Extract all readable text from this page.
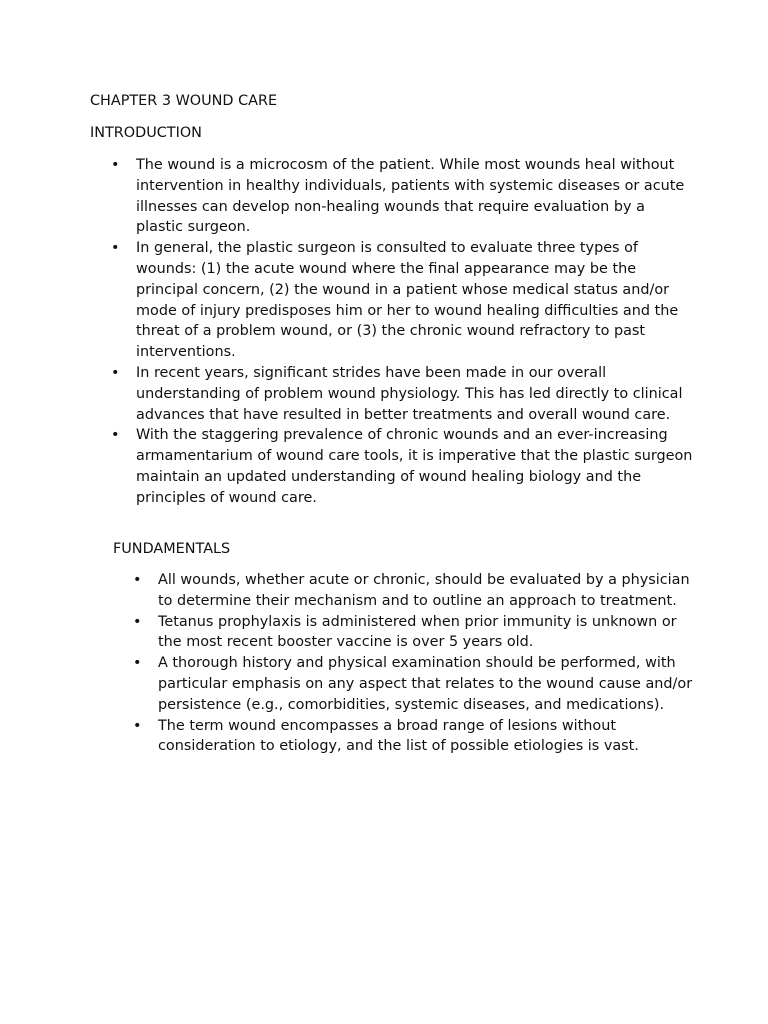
CHAPTER 3 WOUND CARE
INTRODUCTION
• The wound is a microcosm of the patient. While most wounds heal without intervention in healthy individuals, patients with systemic diseases or acute illnesses can develop non-healing wounds that require evaluation by a plastic surgeon.
• In general, the plastic surgeon is consulted to evaluate three types of wounds: (1) the acute wound where the final appearance may be the principal concern, (2) the wound in a patient whose medical status and/or mode of injury predisposes him or her to wound healing difficulties and the threat of a problem wound, or (3) the chronic wound refractory to past interventions.
• In recent years, significant strides have been made in our overall understanding of problem wound physiology. This has led directly to clinical advances that have resulted in better treatments and overall wound care.
• With the staggering prevalence of chronic wounds and an ever-increasing armamentarium of wound care tools, it is imperative that the plastic surgeon maintain an updated understanding of wound healing biology and the principles of wound care.
FUNDAMENTALS
• All wounds, whether acute or chronic, should be evaluated by a physician to determine their mechanism and to outline an approach to treatment.
• Tetanus prophylaxis is administered when prior immunity is unknown or the most recent booster vaccine is over 5 years old.
• A thorough history and physical examination should be performed, with particular emphasis on any aspect that relates to the wound cause and/or persistence (e.g., comorbidities, systemic diseases, and medications).
• The term wound encompasses a broad range of lesions without consideration to etiology, and the list of possible etiologies is vast.
